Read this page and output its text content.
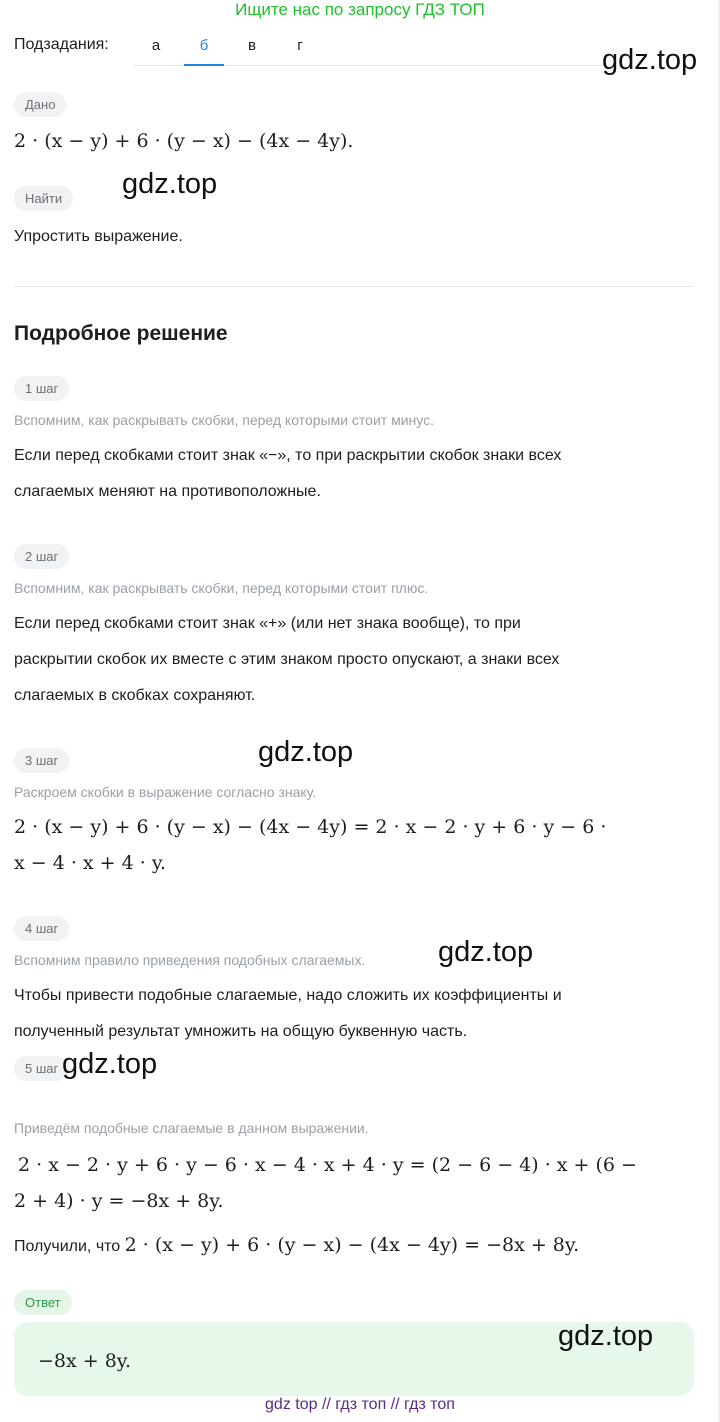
Ищите нас по запросу ГДЗ ТОП
Подзадания:	а	б	в	г
Дано
2 · (x − y) + 6 · (y − x) − (4x − 4y).
Найти
Упростить выражение.
Подробное решение
1 шаг
Вспомним, как раскрывать скобки, перед которыми стоит минус.
Если перед скобками стоит знак «−», то при раскрытии скобок знаки всех
слагаемых меняют на противоположные.
2 шаг
Вспомним, как раскрывать скобки, перед которыми стоит плюс.
Если перед скобками стоит знак «+» (или нет знака вообще), то при
раскрытии скобок их вместе с этим знаком просто опускают, а знаки всех
слагаемых в скобках сохраняют.
3 шаг
Раскроем скобки в выражение согласно знаку.
2 · (x − y) + 6 · (y − x) − (4x − 4y) = 2 · x − 2 · y + 6 · y − 6 ·
x − 4 · x + 4 · y.
4 шаг
Вспомним правило приведения подобных слагаемых.
Чтобы привести подобные слагаемые, надо сложить их коэффициенты и
полученный результат умножить на общую буквенную часть.
5 шаг
Приведём подобные слагаемые в данном выражении.
2 · x − 2 · y + 6 · y − 6 · x − 4 · x + 4 · y = (2 − 6 − 4) · x + (6 −
2 + 4) · y = −8x + 8y.
Получили, что 2 · (x − y) + 6 · (y − x) − (4x − 4y) = −8x + 8y.
Ответ
−8x + 8y.
gdz.top
gdz.top
gdz.top
gdz.top
gdz.top
gdz.top
gdz top // гдз топ // гдз топ
